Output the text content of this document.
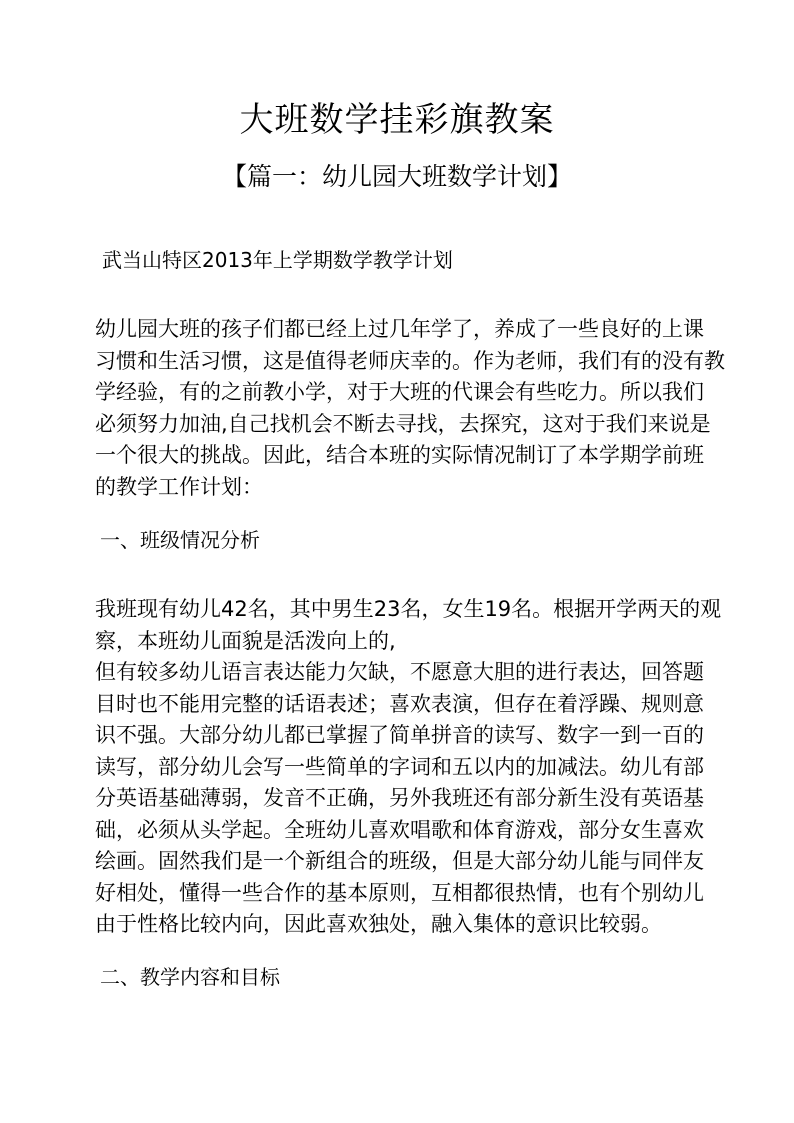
大班数学挂彩旗教案
【篇一：幼儿园大班数学计划】
武当山特区2013年上学期数学教学计划

幼儿园大班的孩子们都已经上过几年学了，养成了一些良好的上课
习惯和生活习惯，这是值得老师庆幸的。作为老师，我们有的没有教
学经验，有的之前教小学，对于大班的代课会有些吃力。所以我们
必须努力加油,自己找机会不断去寻找，去探究，这对于我们来说是
一个很大的挑战。因此，结合本班的实际情况制订了本学期学前班
的教学工作计划：

一、班级情况分析

我班现有幼儿42名，其中男生23名，女生19名。根据开学两天的观
察，本班幼儿面貌是活泼向上的,
但有较多幼儿语言表达能力欠缺，不愿意大胆的进行表达，回答题
目时也不能用完整的话语表述；喜欢表演，但存在着浮躁、规则意
识不强。大部分幼儿都已掌握了简单拼音的读写、数字一到一百的
读写，部分幼儿会写一些简单的字词和五以内的加减法。幼儿有部
分英语基础薄弱，发音不正确，另外我班还有部分新生没有英语基
础，必须从头学起。全班幼儿喜欢唱歌和体育游戏，部分女生喜欢
绘画。固然我们是一个新组合的班级，但是大部分幼儿能与同伴友
好相处，懂得一些合作的基本原则，互相都很热情，也有个别幼儿
由于性格比较内向，因此喜欢独处，融入集体的意识比较弱。

二、教学内容和目标
